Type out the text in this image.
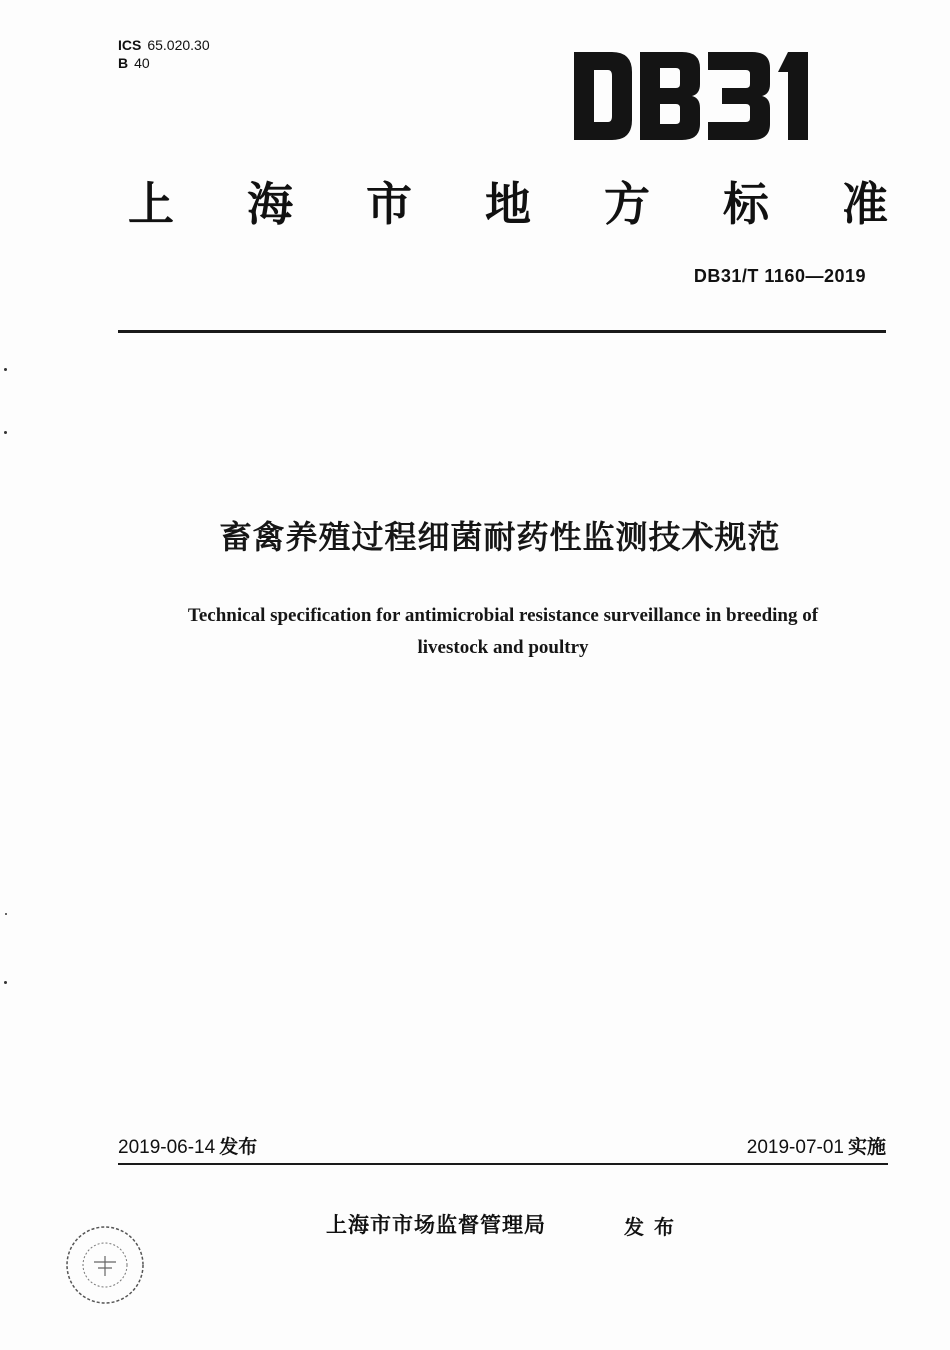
ICS 65.020.30
B 40
上 海 市 地 方 标 准
DB31/T 1160—2019
畜禽养殖过程细菌耐药性监测技术规范
Technical specification for antimicrobial resistance surveillance in breeding of
livestock and poultry
2019-06-14 发布	2019-07-01 实施
上海市市场监督管理局	发布
